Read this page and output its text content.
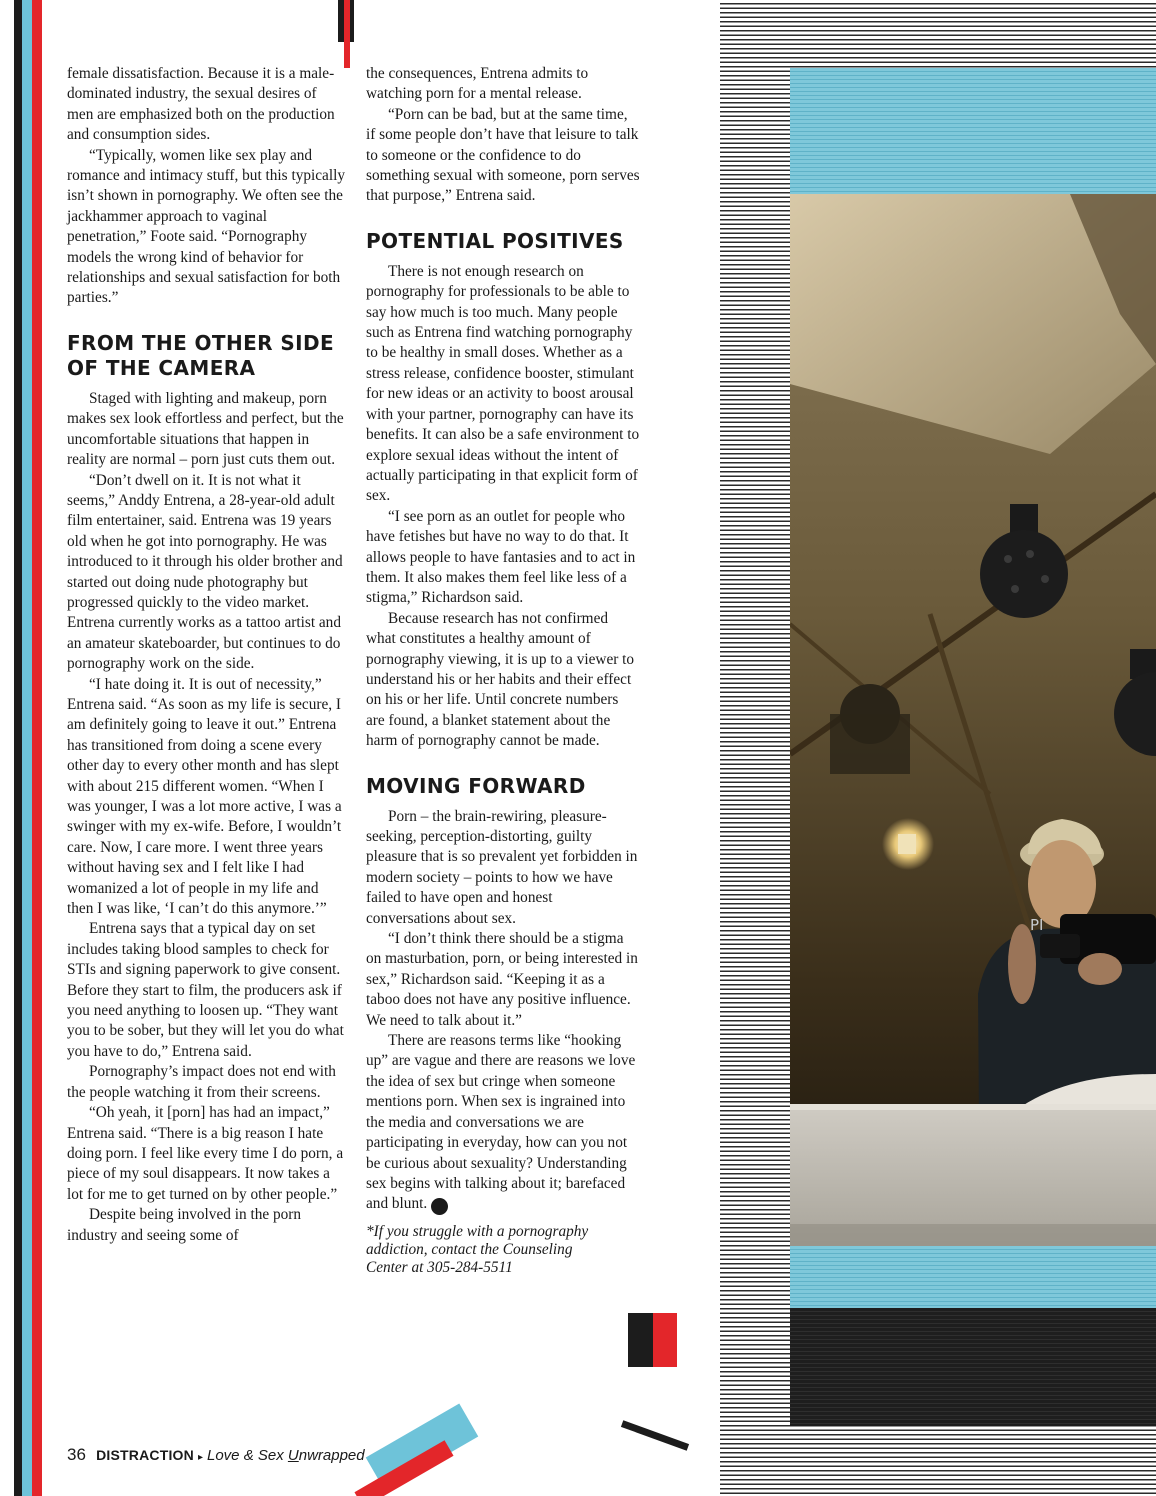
female dissatisfaction. Because it is a male-dominated industry, the sexual desires of men are emphasized both on the production and consumption sides.

“Typically, women like sex play and romance and intimacy stuff, but this typically isn’t shown in pornography. We often see the jackhammer approach to vaginal penetration,” Foote said. “Pornography models the wrong kind of behavior for relationships and sexual satisfaction for both parties.”

FROM THE OTHER SIDE OF THE CAMERA

Staged with lighting and makeup, porn makes sex look effortless and perfect, but the uncomfortable situations that happen in reality are normal – porn just cuts them out.

“Don’t dwell on it. It is not what it seems,” Anddy Entrena, a 28-year-old adult film entertainer, said. Entrena was 19 years old when he got into pornography. He was introduced to it through his older brother and started out doing nude photography but progressed quickly to the video market. Entrena currently works as a tattoo artist and an amateur skateboarder, but continues to do pornography work on the side.

“I hate doing it. It is out of necessity,” Entrena said. “As soon as my life is secure, I am definitely going to leave it out.” Entrena has transitioned from doing a scene every other day to every other month and has slept with about 215 different women. “When I was younger, I was a lot more active, I was a swinger with my ex-wife. Before, I wouldn’t care. Now, I care more. I went three years without having sex and I felt like I had womanized a lot of people in my life and then I was like, ‘I can’t do this anymore.’”

Entrena says that a typical day on set includes taking blood samples to check for STIs and signing paperwork to give consent. Before they start to film, the producers ask if you need anything to loosen up. “They want you to be sober, but they will let you do what you have to do,” Entrena said.

Pornography’s impact does not end with the people watching it from their screens.

“Oh yeah, it [porn] has had an impact,” Entrena said. “There is a big reason I hate doing porn. I feel like every time I do porn, a piece of my soul disappears. It now takes a lot for me to get turned on by other people.”

Despite being involved in the porn industry and seeing some of

the consequences, Entrena admits to watching porn for a mental release.

“Porn can be bad, but at the same time, if some people don’t have that leisure to talk to someone or the confidence to do something sexual with someone, porn serves that purpose,” Entrena said.

POTENTIAL POSITIVES

There is not enough research on pornography for professionals to be able to say how much is too much. Many people such as Entrena find watching pornography to be healthy in small doses. Whether as a stress release, confidence booster, stimulant for new ideas or an activity to boost arousal with your partner, pornography can have its benefits. It can also be a safe environment to explore sexual ideas without the intent of actually participating in that explicit form of sex.

“I see porn as an outlet for people who have fetishes but have no way to do that. It allows people to have fantasies and to act in them. It also makes them feel like less of a stigma,” Richardson said.

Because research has not confirmed what constitutes a healthy amount of pornography viewing, it is up to a viewer to understand his or her habits and their effect on his or her life. Until concrete numbers are found, a blanket statement about the harm of pornography cannot be made.

MOVING FORWARD

Porn – the brain-rewiring, pleasure-seeking, perception-distorting, guilty pleasure that is so prevalent yet forbidden in modern society – points to how we have failed to have open and honest conversations about sex.

“I don’t think there should be a stigma on masturbation, porn, or being interested in sex,” Richardson said. “Keeping it as a taboo does not have any positive influence. We need to talk about it.”

There are reasons terms like “hooking up” are vague and there are reasons we love the idea of sex but cringe when someone mentions porn. When sex is ingrained into the media and conversations we are participating in everyday, how can you not be curious about sexuality? Understanding sex begins with talking about it; barefaced and blunt. d

*If you struggle with a pornography addiction, contact the Counseling Center at 305-284-5511

36 DISTRACTION ▸ Love & Sex Unwrapped
PI
